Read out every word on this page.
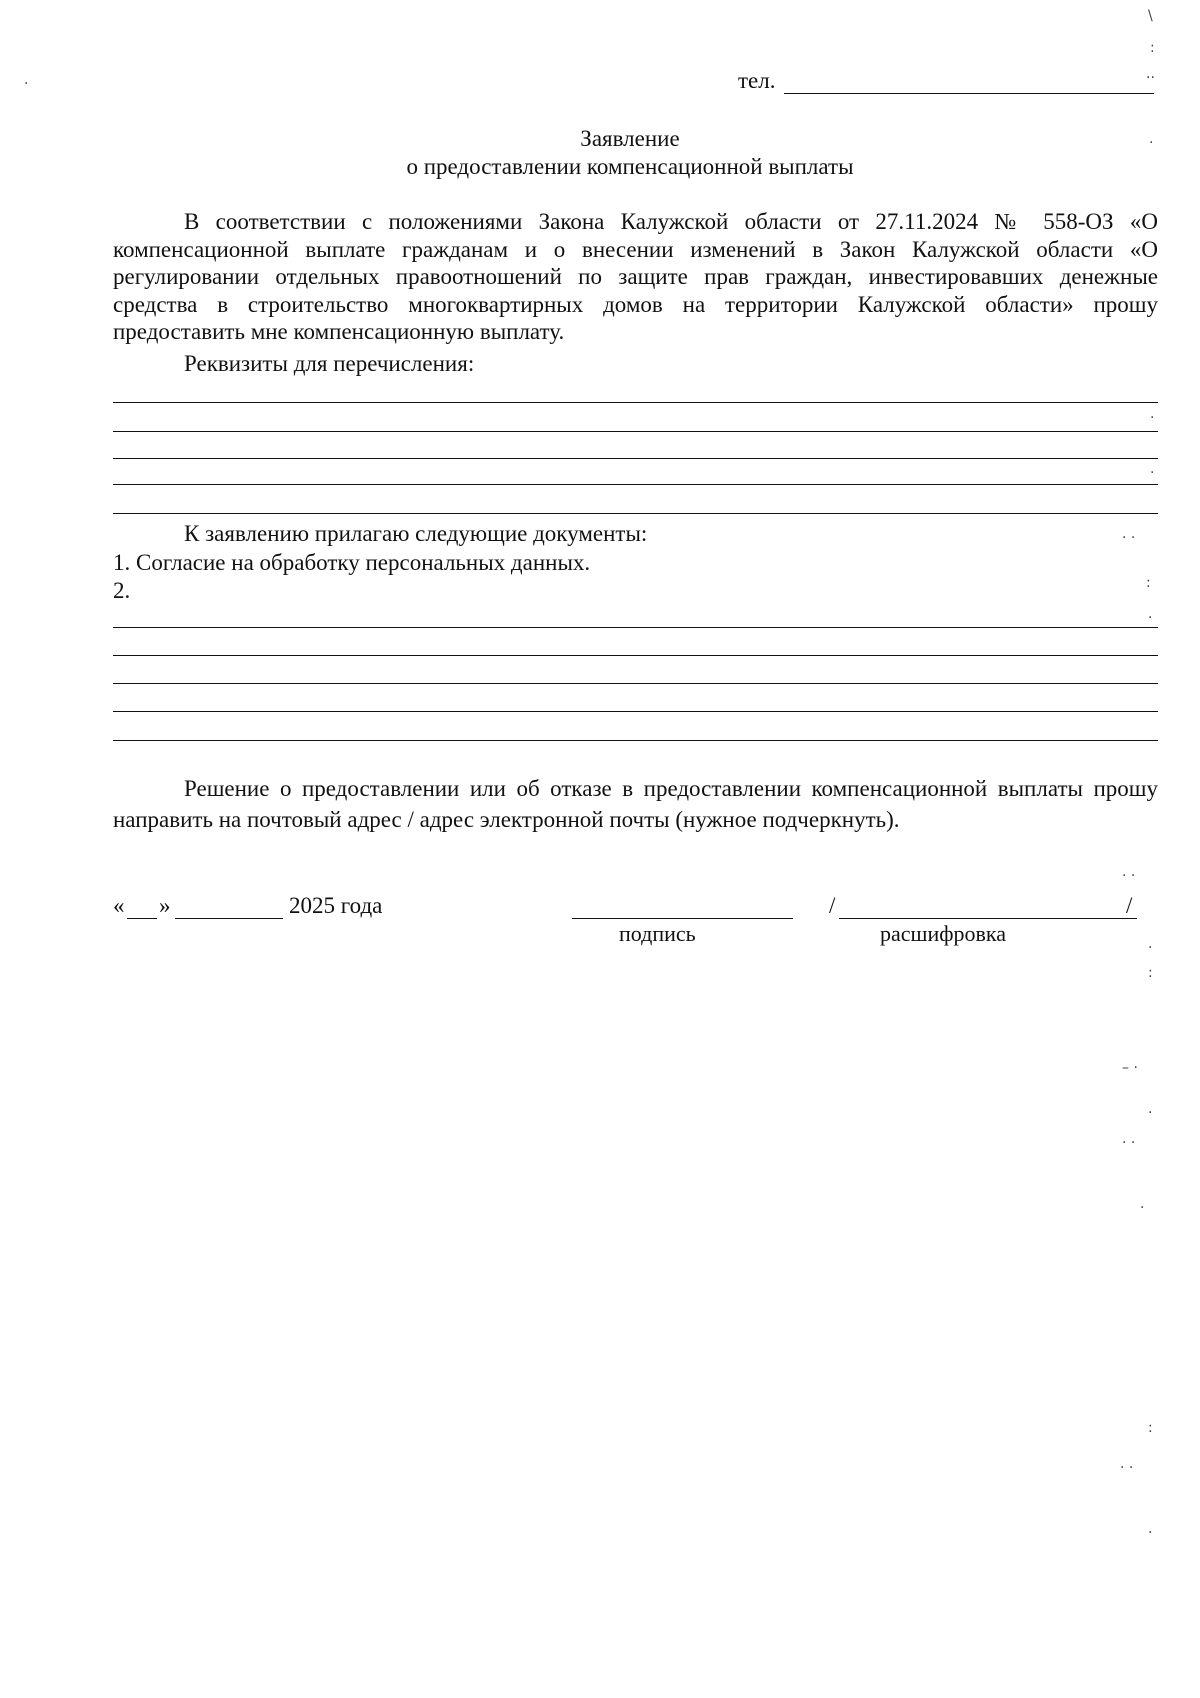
тел.
Заявление
о предоставлении компенсационной выплаты
В соответствии с положениями Закона Калужской области от 27.11.2024 № 558-ОЗ «О компенсационной выплате гражданам и о внесении изменений в Закон Калужской области «О регулировании отдельных правоотношений по защите прав граждан, инвестировавших денежные средства в строительство многоквартирных домов на территории Калужской области» прошу предоставить мне компенсационную выплату.
Реквизиты для перечисления:
К заявлению прилагаю следующие документы:
1. Согласие на обработку персональных данных.
2.
Решение о предоставлении или об отказе в предоставлении компенсационной выплаты прошу направить на почтовый адрес / адрес электронной почты (нужное подчеркнуть).
« »	2025 года	/	/
подпись	расшифровка
\
:
··
·
·
·
· ·
:
·
· ·
·
:
– ·
·
· ·
·
:
· ·
·
·
